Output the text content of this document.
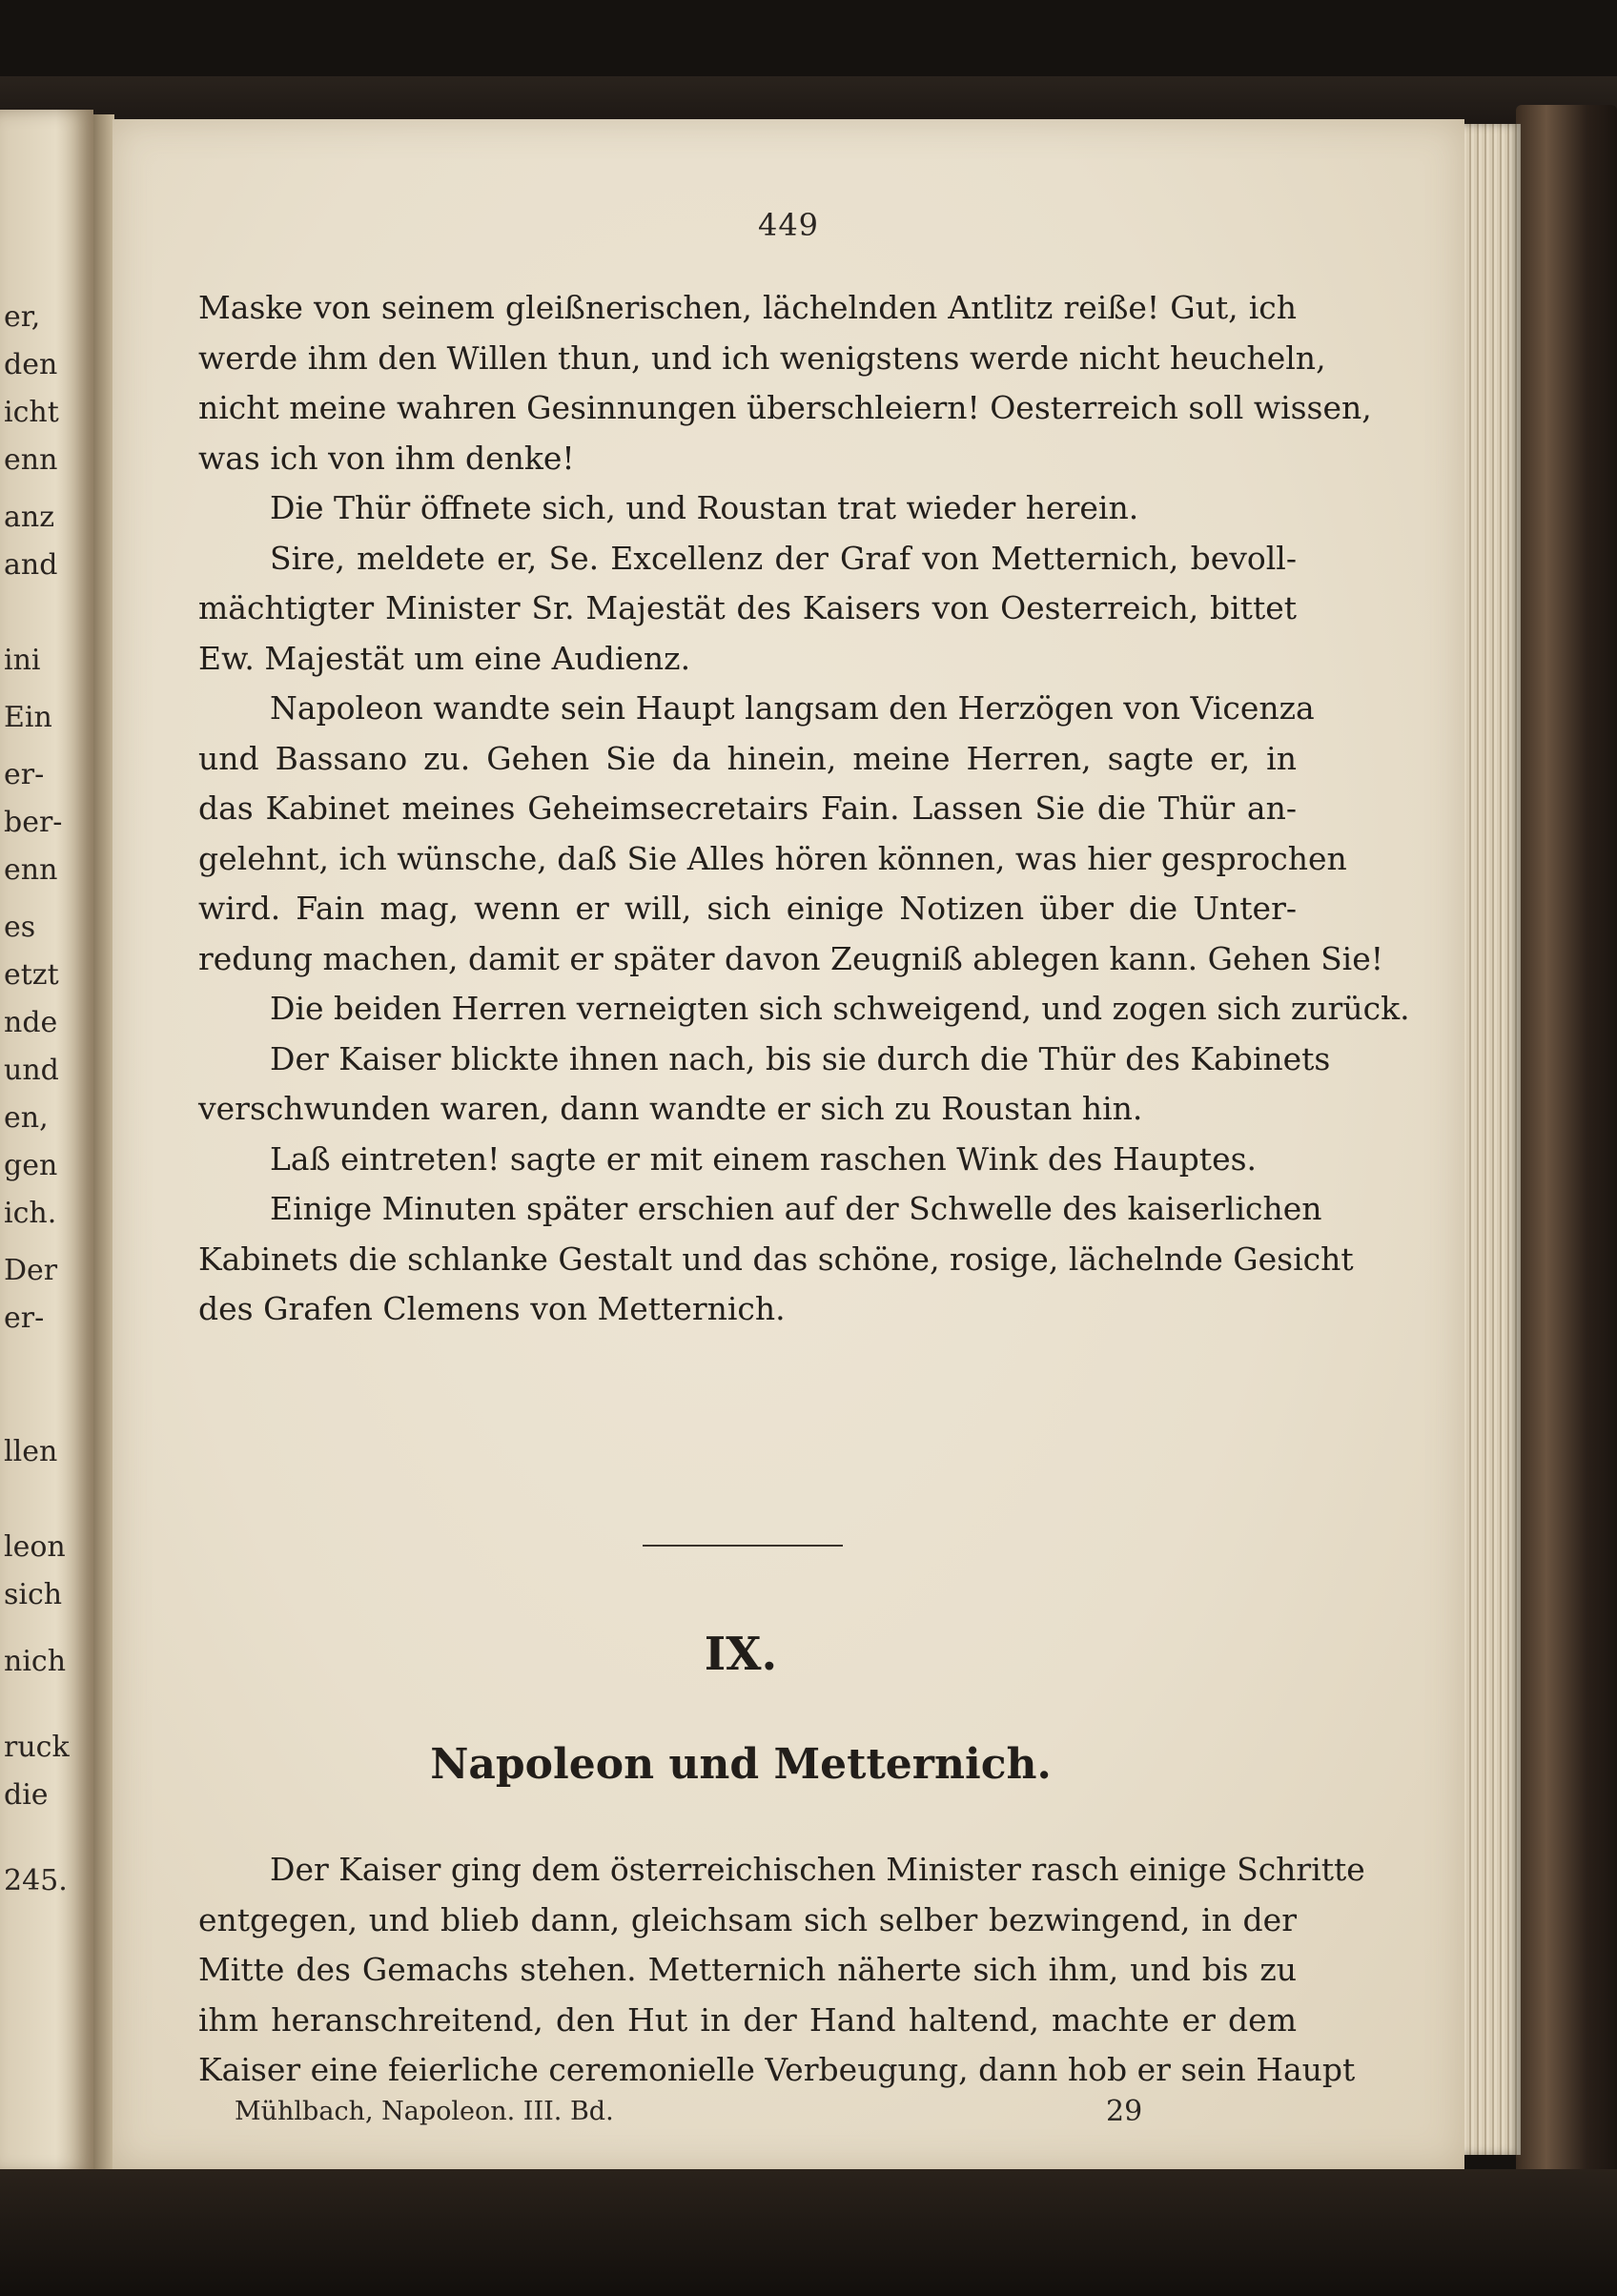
er,
den
icht
enn
anz
and
ini
Ein
er-
ber-
enn
es
etzt
nde
und
en,
gen
ich.
Der
er-
llen
leon
sich
nich
ruck
die
245.
449
Maske von seinem gleißnerischen, lächelnden Antlitz reiße! Gut, ich
werde ihm den Willen thun, und ich wenigstens werde nicht heucheln,
nicht meine wahren Gesinnungen überschleiern! Oesterreich soll wissen,
was ich von ihm denke!
Die Thür öffnete sich, und Roustan trat wieder herein.
Sire, meldete er, Se. Excellenz der Graf von Metternich, bevoll-
mächtigter Minister Sr. Majestät des Kaisers von Oesterreich, bittet
Ew. Majestät um eine Audienz.
Napoleon wandte sein Haupt langsam den Herzögen von Vicenza
und Bassano zu. Gehen Sie da hinein, meine Herren, sagte er, in
das Kabinet meines Geheimsecretairs Fain. Lassen Sie die Thür an-
gelehnt, ich wünsche, daß Sie Alles hören können, was hier gesprochen
wird. Fain mag, wenn er will, sich einige Notizen über die Unter-
redung machen, damit er später davon Zeugniß ablegen kann. Gehen Sie!
Die beiden Herren verneigten sich schweigend, und zogen sich zurück.
Der Kaiser blickte ihnen nach, bis sie durch die Thür des Kabinets
verschwunden waren, dann wandte er sich zu Roustan hin.
Laß eintreten! sagte er mit einem raschen Wink des Hauptes.
Einige Minuten später erschien auf der Schwelle des kaiserlichen
Kabinets die schlanke Gestalt und das schöne, rosige, lächelnde Gesicht
des Grafen Clemens von Metternich.
IX.
Napoleon und Metternich.
Der Kaiser ging dem österreichischen Minister rasch einige Schritte
entgegen, und blieb dann, gleichsam sich selber bezwingend, in der
Mitte des Gemachs stehen. Metternich näherte sich ihm, und bis zu
ihm heranschreitend, den Hut in der Hand haltend, machte er dem
Kaiser eine feierliche ceremonielle Verbeugung, dann hob er sein Haupt
Mühlbach, Napoleon. III. Bd.	29
